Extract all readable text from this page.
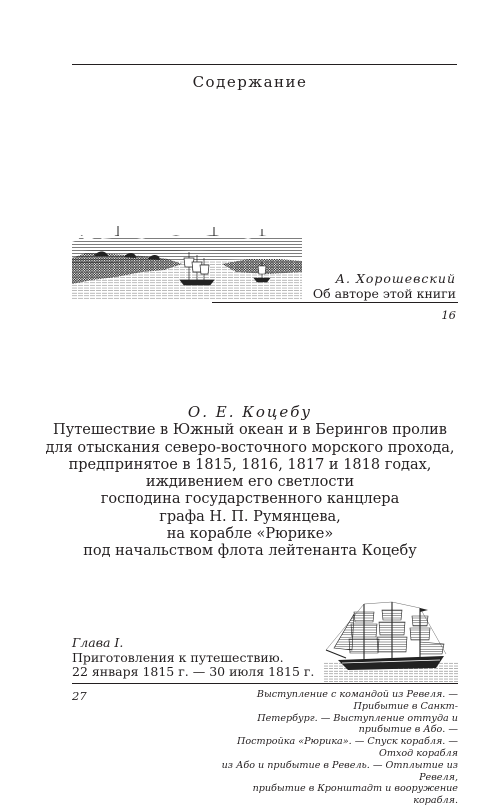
Содержание
А. Хорошевский
Об авторе этой книги
16
О. Е. Коцебу
Путешествие в Южный океан и в Берингов пролив
для отыскания северо-восточного морского прохода,
предпринятое в 1815, 1816, 1817 и 1818 годах,
иждивением его светлости
господина государственного канцлера
графа Н. П. Румянцева,
на корабле «Рюрике»
под начальством флота лейтенанта Коцебу
Глава I.
Приготовления к путешествию.
22 января 1815 г. — 30 июля 1815 г.
27	Выступление с командой из Ревеля. — Прибытие в Санкт-
Петербург. — Выступление оттуда и прибытие в Або. —
Постройка «Рюрика». — Спуск корабля. — Отход корабля
из Або и прибытие в Ревель. — Отплытие из Ревеля,
прибытие в Кронштадт и вооружение корабля.
